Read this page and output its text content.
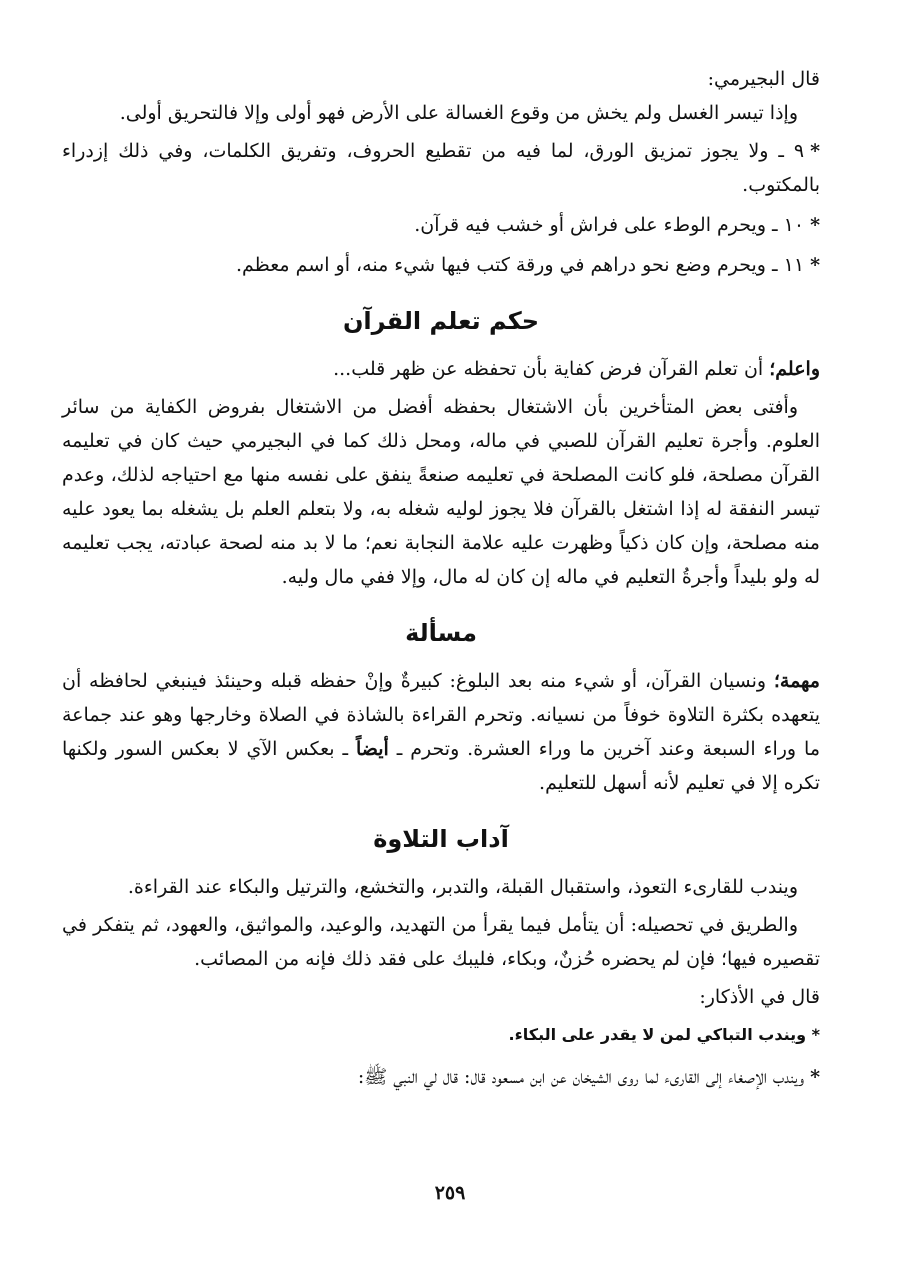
قال البجيرمي:

وإذا تيسر الغسل ولم يخش من وقوع الغسالة على الأرض فهو أولى وإلا فالتحريق أولى.

*٩ ـ ولا يجوز تمزيق الورق، لما فيه من تقطيع الحروف، وتفريق الكلمات، وفي ذلك إزدراء بالمكتوب.

*١٠ ـ ويحرم الوطء على فراش أو خشب فيه قرآن.

*١١ ـ ويحرم وضع نحو دراهم في ورقة كتب فيها شيء منه، أو اسم معظم.

حكم تعلم القرآن

واعلم؛ أن تعلم القرآن فرض كفاية بأن تحفظه عن ظهر قلب...

وأفتى بعض المتأخرين بأن الاشتغال بحفظه أفضل من الاشتغال بفروض الكفاية من سائر العلوم. وأجرة تعليم القرآن للصبي في ماله، ومحل ذلك كما في البجيرمي حيث كان في تعليمه القرآن مصلحة، فلو كانت المصلحة في تعليمه صنعةً ينفق على نفسه منها مع احتياجه لذلك، وعدم تيسر النفقة له إذا اشتغل بالقرآن فلا يجوز لوليه شغله به، ولا بتعلم العلم بل يشغله بما يعود عليه منه مصلحة، وإن كان ذكياً وظهرت عليه علامة النجابة نعم؛ ما لا بد منه لصحة عبادته، يجب تعليمه له ولو بليداً وأجرةُ التعليم في ماله إن كان له مال، وإلا ففي مال وليه.

مسألة

مهمة؛ ونسيان القرآن، أو شيء منه بعد البلوغ: كبيرةٌ وإنْ حفظه قبله وحينئذ فينبغي لحافظه أن يتعهده بكثرة التلاوة خوفاً من نسيانه. وتحرم القراءة بالشاذة في الصلاة وخارجها وهو عند جماعة ما وراء السبعة وعند آخرين ما وراء العشرة. وتحرم ـ أيضاً ـ بعكس الآي لا بعكس السور ولكنها تكره إلا في تعليم لأنه أسهل للتعليم.

آداب التلاوة

ويندب للقارىء التعوذ، واستقبال القبلة، والتدبر، والتخشع، والترتيل والبكاء عند القراءة.

والطريق في تحصيله: أن يتأمل فيما يقرأ من التهديد، والوعيد، والمواثيق، والعهود، ثم يتفكر في تقصيره فيها؛ فإن لم يحضره حُزنٌ، وبكاء، فليبك على فقد ذلك فإنه من المصائب.

قال في الأذكار:

* ويندب التباكي لمن لا يقدر على البكاء.

*ويندب الإصغاء إلى القارىء لما روى الشيخان عن ابن مسعود قال: قال لي النبي ﷺ:

٢٥٩
